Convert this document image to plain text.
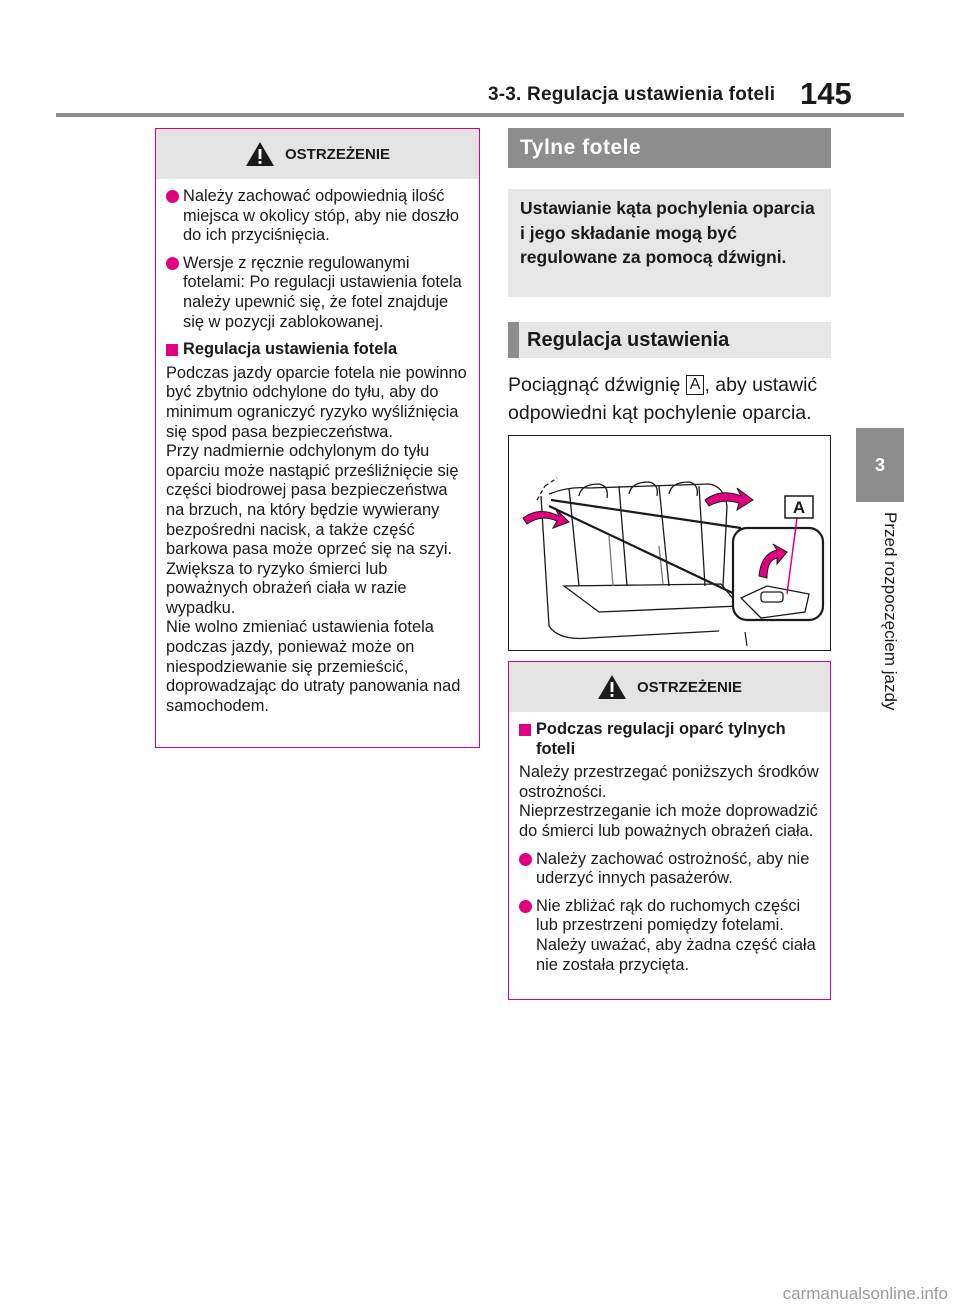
3-3. Regulacja ustawienia foteli 145
3
Przed rozpoczęciem jazdy
OSTRZEŻENIE
Należy zachować odpowiednią ilość miejsca w okolicy stóp, aby nie doszło do ich przyciśnięcia.
Wersje z ręcznie regulowanymi fotelami: Po regulacji ustawienia fotela należy upewnić się, że fotel znajduje się w pozycji zablokowanej.
Regulacja ustawienia fotela

Podczas jazdy oparcie fotela nie powinno być zbytnio odchylone do tyłu, aby do minimum ograniczyć ryzyko wyśliźnięcia się spod pasa bezpieczeństwa.

Przy nadmiernie odchylonym do tyłu oparciu może nastąpić prześliźnięcie się części biodrowej pasa bezpieczeństwa na brzuch, na który będzie wywierany bezpośredni nacisk, a także część barkowa pasa może oprzeć się na szyi. Zwiększa to ryzyko śmierci lub poważnych obrażeń ciała w razie wypadku.

Nie wolno zmieniać ustawienia fotela podczas jazdy, ponieważ może on niespodziewanie się przemieścić, doprowadzając do utraty panowania nad samochodem.

Tylne fotele
Ustawianie kąta pochylenia oparcia i jego składanie mogą być regulowane za pomocą dźwigni.
Regulacja ustawienia
Pociągnąć dźwignię A , aby ustawić odpowiedni kąt pochylenie oparcia.
A
OSTRZEŻENIE
Podczas regulacji oparć tylnych foteli

Należy przestrzegać poniższych środków ostrożności.

Nieprzestrzeganie ich może doprowadzić do śmierci lub poważnych obrażeń ciała.

Należy zachować ostrożność, aby nie uderzyć innych pasażerów.
Nie zbliżać rąk do ruchomych części lub przestrzeni pomiędzy fotelami. Należy uważać, aby żadna część ciała nie została przycięta.
carmanualsonline.info
